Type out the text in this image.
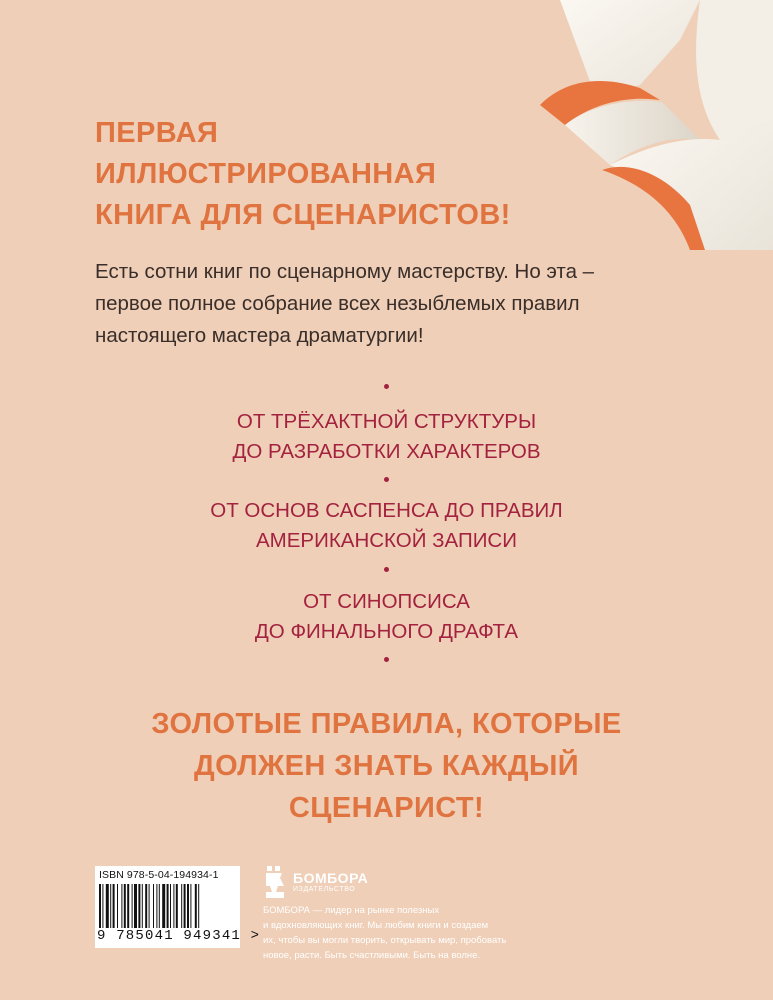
ПЕРВАЯ
ИЛЛЮСТРИРОВАННАЯ
КНИГА ДЛЯ СЦЕНАРИСТОВ!
Есть сотни книг по сценарному мастерству. Но эта –
первое полное собрание всех незыблемых правил
настоящего мастера драматургии!
ОТ ТРЁХАКТНОЙ СТРУКТУРЫ
ДО РАЗРАБОТКИ ХАРАКТЕРОВ
ОТ ОСНОВ САСПЕНСА ДО ПРАВИЛ
АМЕРИКАНСКОЙ ЗАПИСИ
ОТ СИНОПСИСА
ДО ФИНАЛЬНОГО ДРАФТА
ЗОЛОТЫЕ ПРАВИЛА, КОТОРЫЕ
ДОЛЖЕН ЗНАТЬ КАЖДЫЙ
СЦЕНАРИСТ!
ISBN 978-5-04-194934-1
9 785041 949341 >
БОМБОРА
ИЗДАТЕЛЬСТВО
БОМБОРА — лидер на рынке полезных
и вдохновляющих книг. Мы любим книги и создаем
их, чтобы вы могли творить, открывать мир, пробовать
новое, расти. Быть счастливыми. Быть на волне.
